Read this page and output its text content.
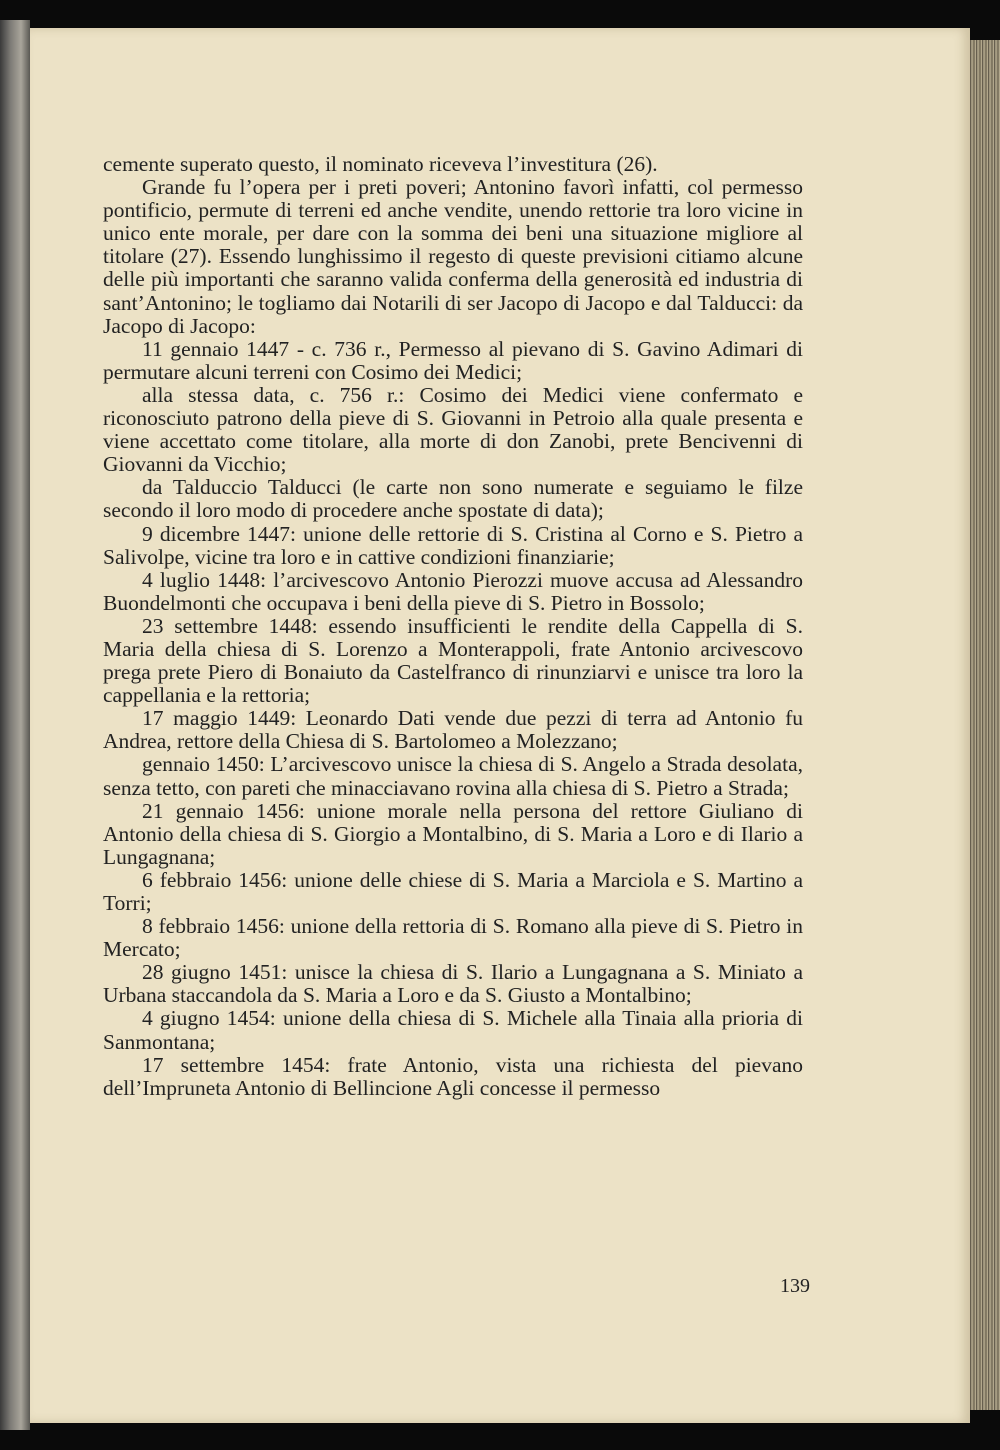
cemente superato questo, il nominato riceveva l’investitura (26).

Grande fu l’opera per i preti poveri; Antonino favorì infatti, col permesso pontificio, permute di terreni ed anche vendite, unendo rettorie tra loro vicine in unico ente morale, per dare con la somma dei beni una situazione migliore al titolare (27). Essendo lunghissimo il regesto di queste previsioni citiamo alcune delle più importanti che saranno valida conferma della generosità ed industria di sant’Antonino; le togliamo dai Notarili di ser Jacopo di Jacopo e dal Talducci: da Jacopo di Jacopo:

11 gennaio 1447 - c. 736 r., Permesso al pievano di S. Gavino Adimari di permutare alcuni terreni con Cosimo dei Medici;

alla stessa data, c. 756 r.: Cosimo dei Medici viene confermato e riconosciuto patrono della pieve di S. Giovanni in Petroio alla quale presenta e viene accettato come titolare, alla morte di don Zanobi, prete Bencivenni di Giovanni da Vicchio;

da Talduccio Talducci (le carte non sono numerate e seguiamo le filze secondo il loro modo di procedere anche spostate di data);

9 dicembre 1447: unione delle rettorie di S. Cristina al Corno e S. Pietro a Salivolpe, vicine tra loro e in cattive condizioni finanziarie;

4 luglio 1448: l’arcivescovo Antonio Pierozzi muove accusa ad Alessandro Buondelmonti che occupava i beni della pieve di S. Pietro in Bossolo;

23 settembre 1448: essendo insufficienti le rendite della Cappella di S. Maria della chiesa di S. Lorenzo a Monterappoli, frate Antonio arcivescovo prega prete Piero di Bonaiuto da Castelfranco di rinunziarvi e unisce tra loro la cappellania e la rettoria;

17 maggio 1449: Leonardo Dati vende due pezzi di terra ad Antonio fu Andrea, rettore della Chiesa di S. Bartolomeo a Molezzano;

gennaio 1450: L’arcivescovo unisce la chiesa di S. Angelo a Strada desolata, senza tetto, con pareti che minacciavano rovina alla chiesa di S. Pietro a Strada;

21 gennaio 1456: unione morale nella persona del rettore Giuliano di Antonio della chiesa di S. Giorgio a Montalbino, di S. Maria a Loro e di Ilario a Lungagnana;

6 febbraio 1456: unione delle chiese di S. Maria a Marciola e S. Martino a Torri;

8 febbraio 1456: unione della rettoria di S. Romano alla pieve di S. Pietro in Mercato;

28 giugno 1451: unisce la chiesa di S. Ilario a Lungagnana a S. Miniato a Urbana staccandola da S. Maria a Loro e da S. Giusto a Montalbino;

4 giugno 1454: unione della chiesa di S. Michele alla Tinaia alla prioria di Sanmontana;

17 settembre 1454: frate Antonio, vista una richiesta del pievano dell’Impruneta Antonio di Bellincione Agli concesse il permesso

139
